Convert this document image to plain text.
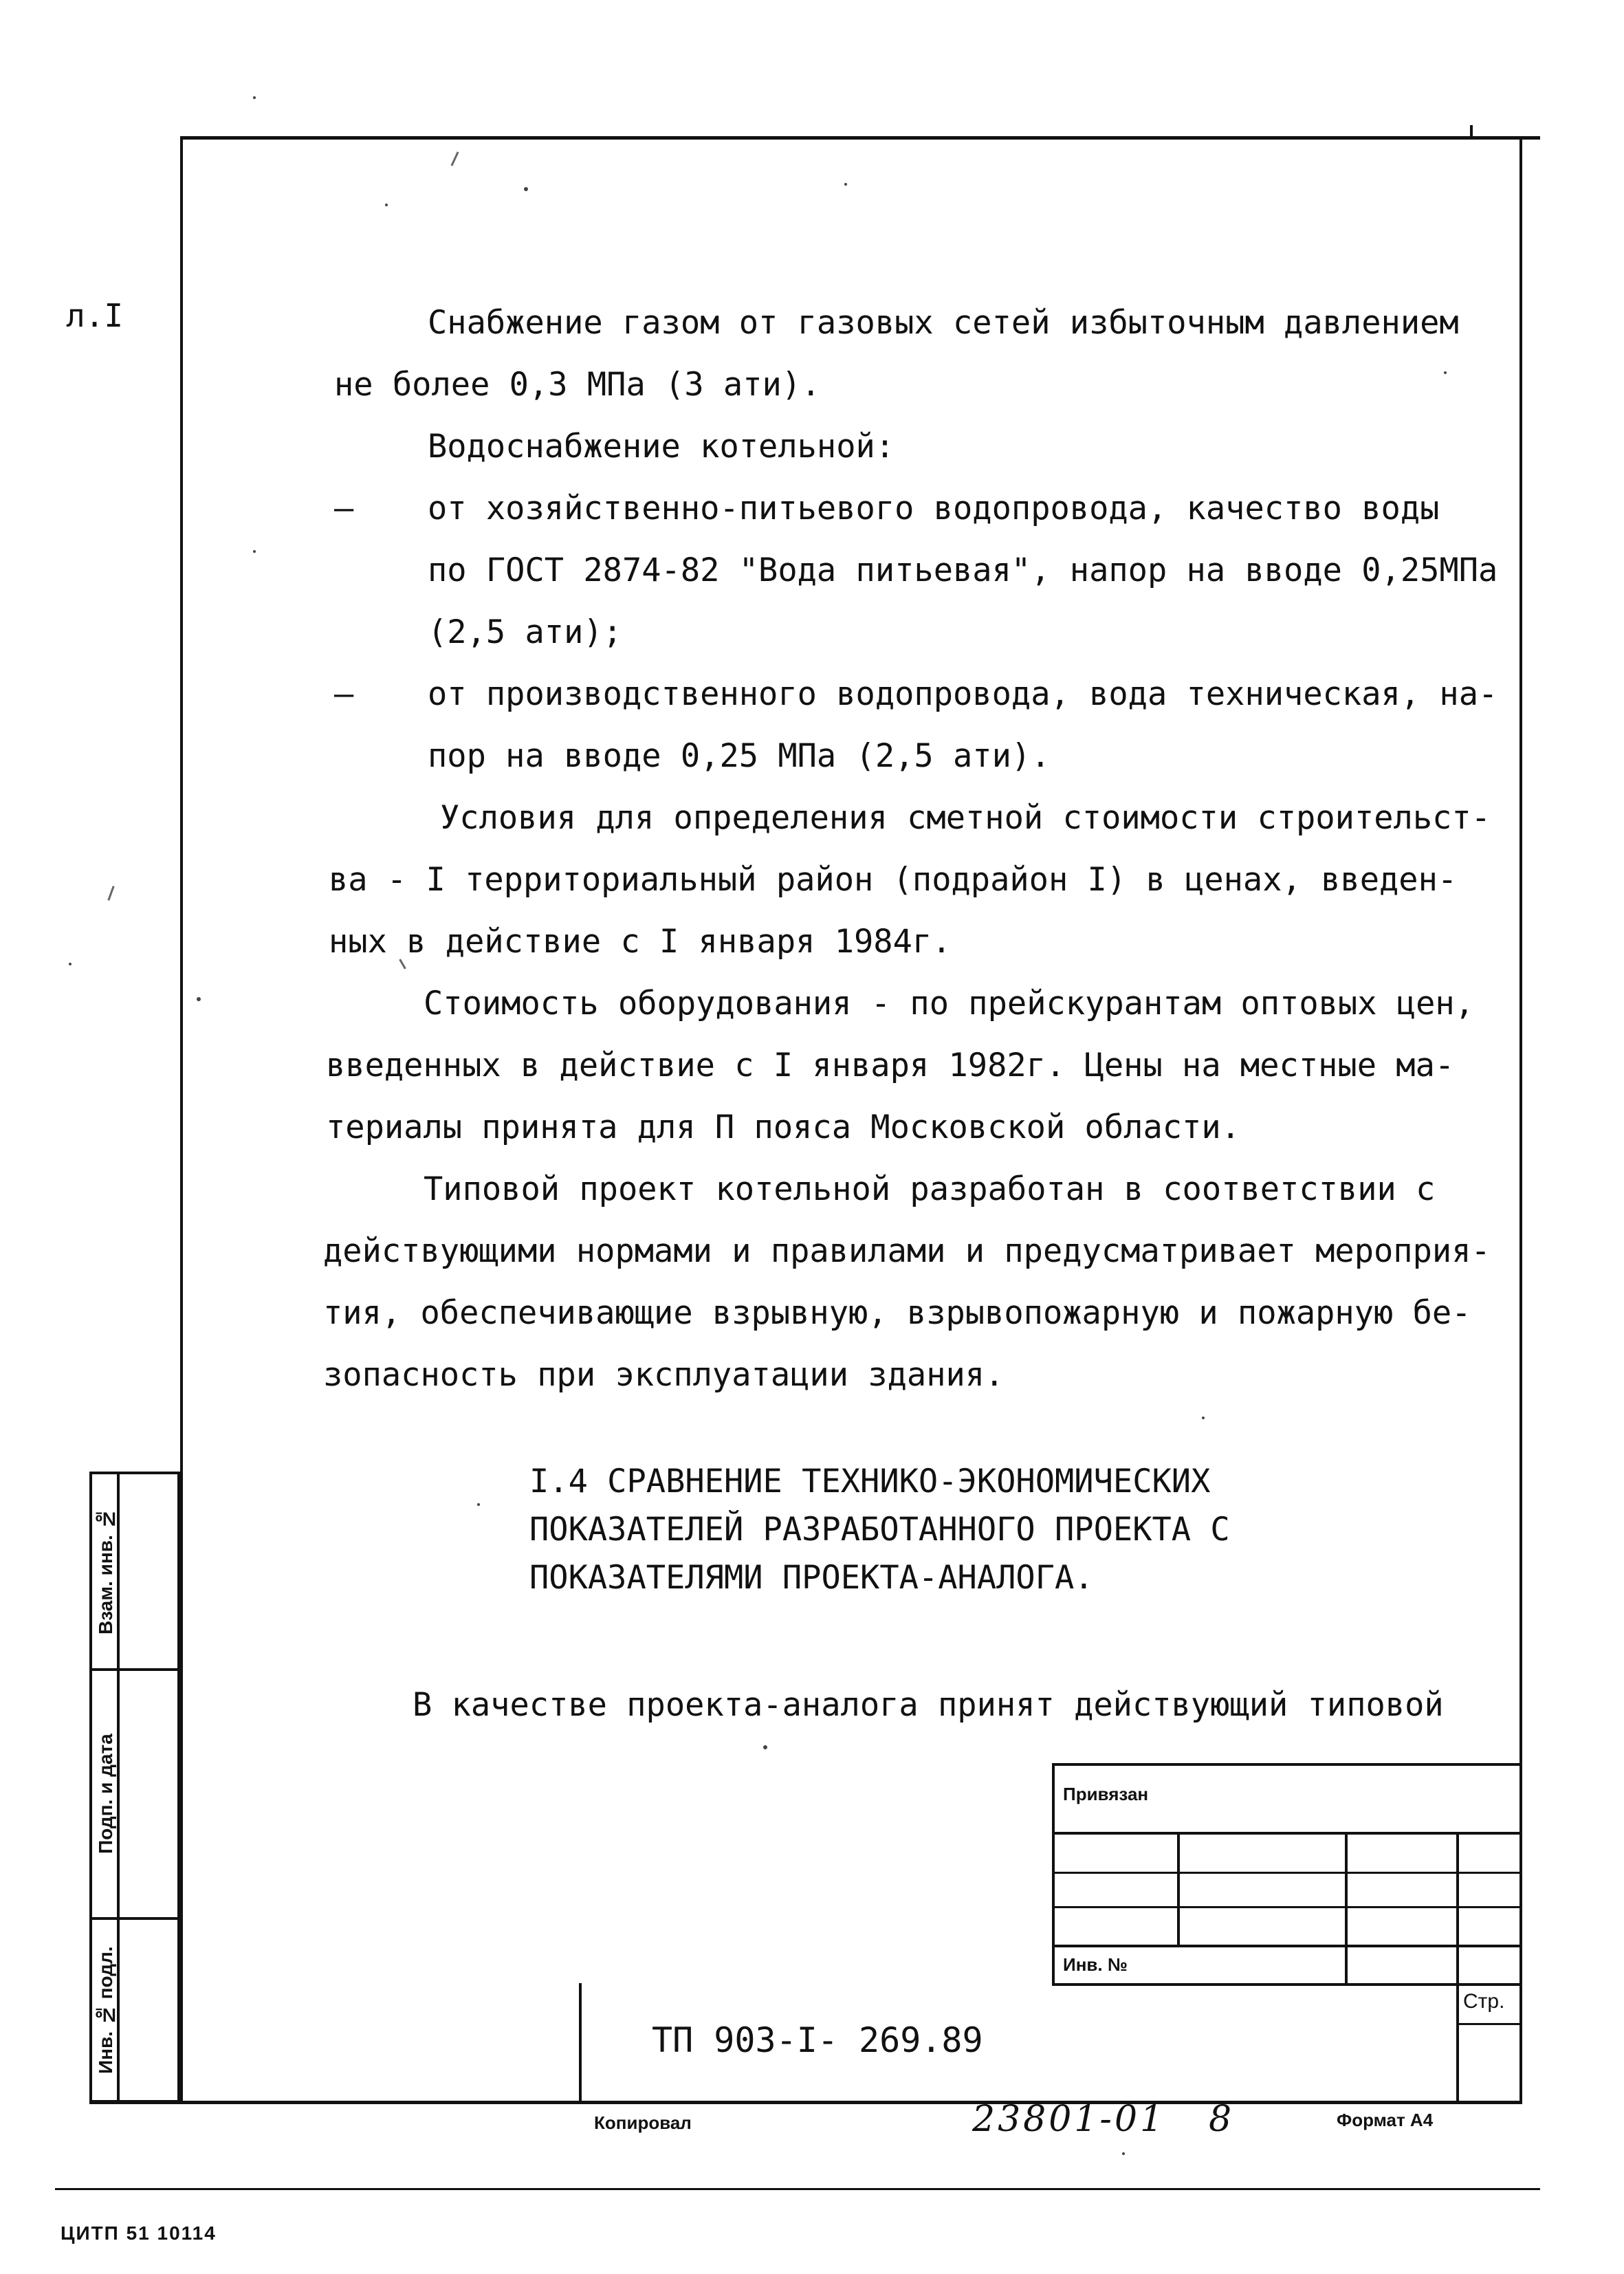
л.I	Снабжение газом от газовых сетей избыточным давлением
не более 0,3 МПа (3 ати).
Водоснабжение котельной:
– от хозяйственно-питьевого водопровода, качество воды
по ГОСТ 2874-82 "Вода питьевая", напор на вводе 0,25МПа
(2,5 ати);
– от производственного водопровода, вода техническая, на-
пор на вводе 0,25 МПа (2,5 ати).
Условия для определения сметной стоимости строительст-
ва - I территориальный район (подрайон I) в ценах, введен-
ных в действие с I января 1984г.
Стоимость оборудования - по прейскурантам оптовых цен,
введенных в действие с I января 1982г. Цены на местные ма-
териалы принята для П пояса Московской области.
Типовой проект котельной разработан в соответствии с
действующими нормами и правилами и предусматривает мероприя-
тия, обеспечивающие взрывную, взрывопожарную и пожарную бе-
зопасность при эксплуатации здания.
I.4 СРАВНЕНИЕ ТЕХНИКО-ЭКОНОМИЧЕСКИХ
ПОКАЗАТЕЛЕЙ РАЗРАБОТАННОГО ПРОЕКТА С
ПОКАЗАТЕЛЯМИ ПРОЕКТА-АНАЛОГА.
В качестве проекта-аналога принят действующий типовой
Взам. инв. №
Подп. и дата
Инв. № подл.
Привязан
Инв. №
Стр.
ТП 903-I- 269.89
Копировал	23801-01 8	Формат А4
ЦИТП 51 10114
